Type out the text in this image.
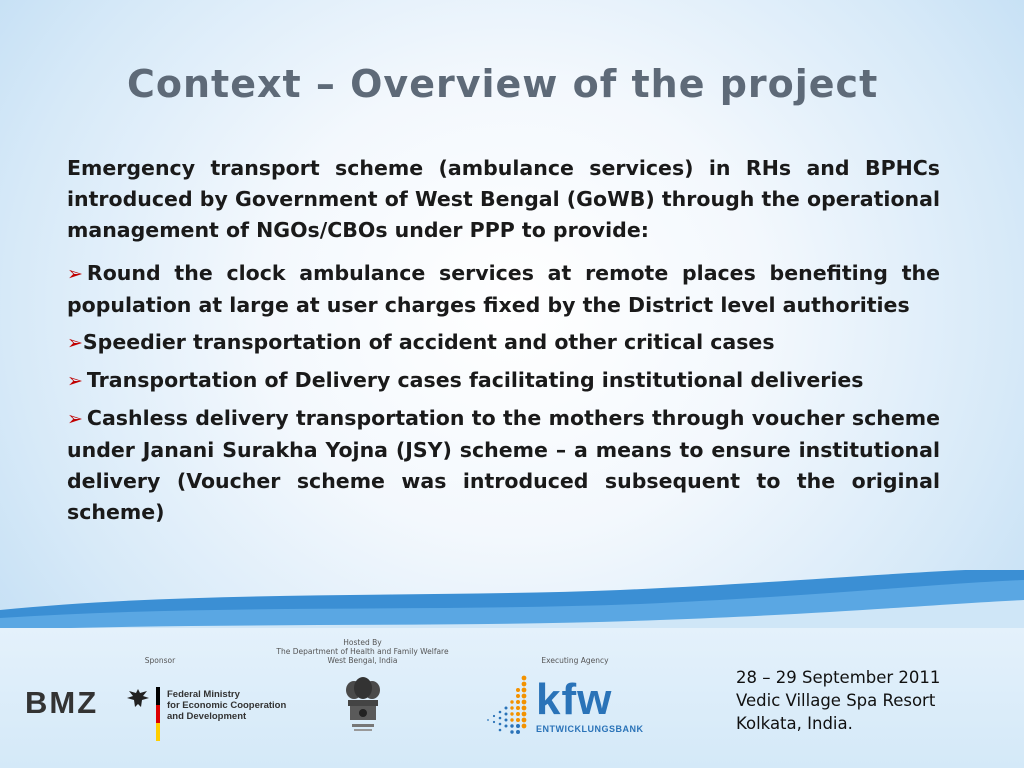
Context – Overview of the project

Emergency transport scheme (ambulance services) in RHs and BPHCs introduced by Government of West Bengal (GoWB) through the operational management of NGOs/CBOs under PPP to provide:

➢ Round the clock ambulance services at remote places benefiting the population at large at user charges fixed by the District level authorities

➢Speedier transportation of accident and other critical cases

➢ Transportation of Delivery cases facilitating institutional deliveries

➢ Cashless delivery transportation to the mothers through voucher scheme under Janani Surakha Yojna (JSY) scheme – a means to ensure institutional delivery (Voucher scheme was introduced subsequent to the original scheme)

Sponsor
Hosted By
The Department of Health and Family Welfare
West Bengal, India	Executing Agency
BMZ	Federal Ministry
for Economic Cooperation
and Development	kfw
ENTWICKLUNGSBANK
28 – 29 September 2011
Vedic Village Spa Resort
Kolkata, India.
